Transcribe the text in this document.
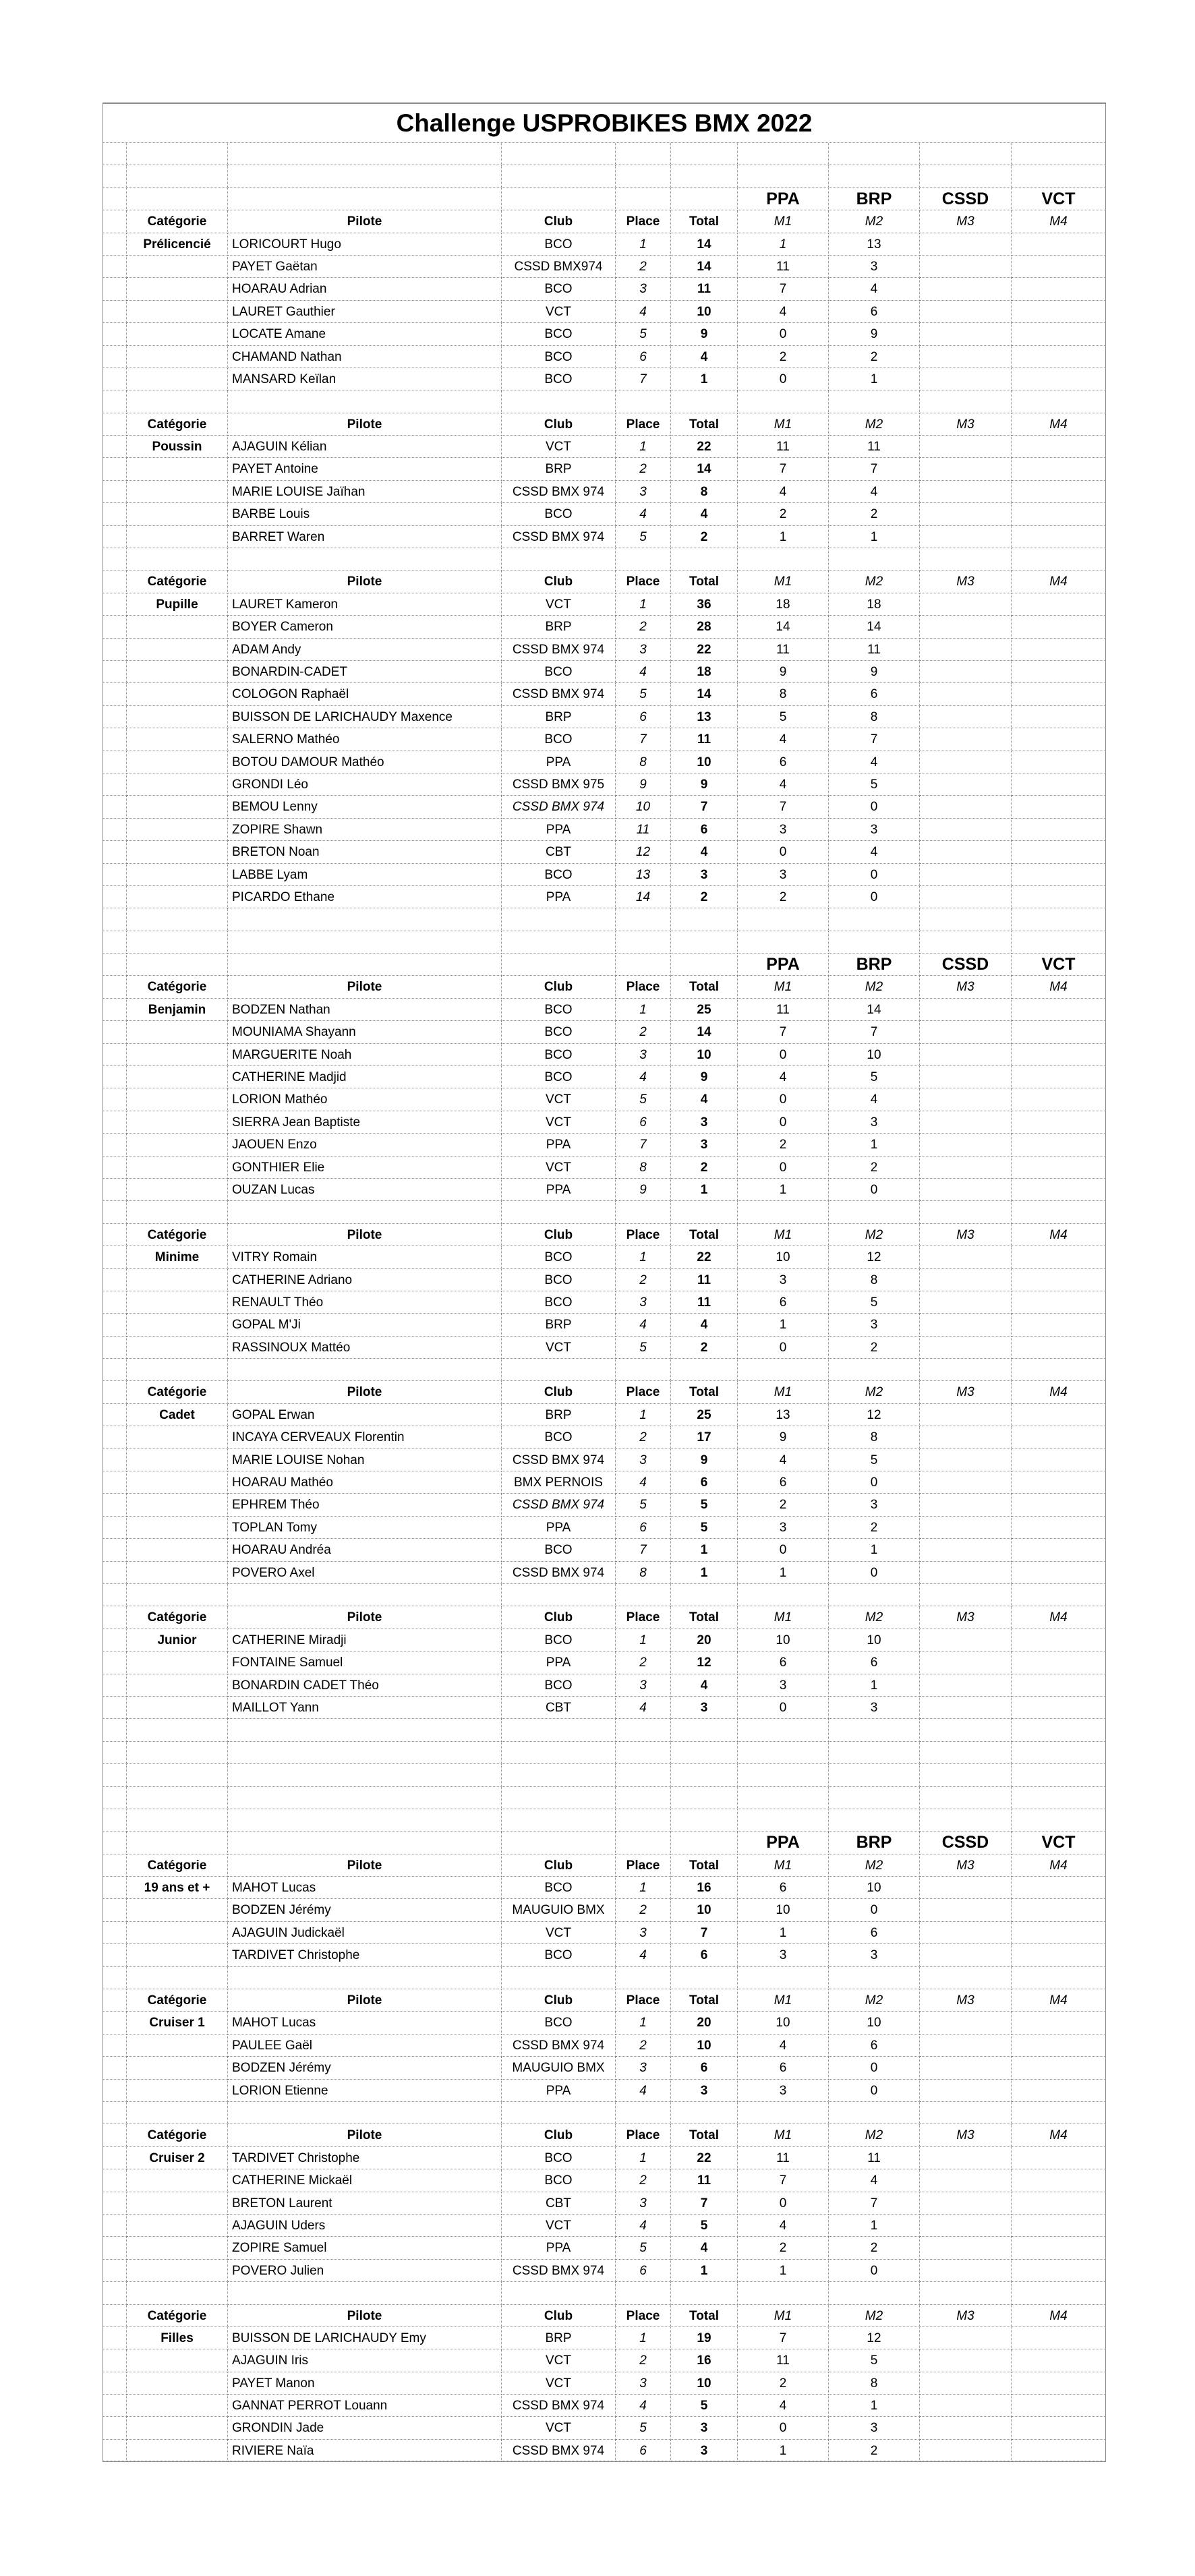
Challenge USPROBIKES BMX 2022
PPA	BRP	CSSD	VCT
Catégorie	Pilote	Club	Place	Total	M1	M2	M3	M4
Prélicencié	LORICOURT Hugo	BCO	1	14	1	13
PAYET Gaëtan	CSSD BMX974	2	14	11	3
HOARAU Adrian	BCO	3	11	7	4
LAURET Gauthier	VCT	4	10	4	6
LOCATE Amane	BCO	5	9	0	9
CHAMAND Nathan	BCO	6	4	2	2
MANSARD Keïlan	BCO	7	1	0	1
Catégorie	Pilote	Club	Place	Total	M1	M2	M3	M4
Poussin	AJAGUIN Kélian	VCT	1	22	11	11
PAYET Antoine	BRP	2	14	7	7
MARIE LOUISE Jaïhan	CSSD BMX 974	3	8	4	4
BARBE Louis	BCO	4	4	2	2
BARRET Waren	CSSD BMX 974	5	2	1	1
Catégorie	Pilote	Club	Place	Total	M1	M2	M3	M4
Pupille	LAURET Kameron	VCT	1	36	18	18
BOYER Cameron	BRP	2	28	14	14
ADAM Andy	CSSD BMX 974	3	22	11	11
BONARDIN-CADET	BCO	4	18	9	9
COLOGON Raphaël	CSSD BMX 974	5	14	8	6
BUISSON DE LARICHAUDY Maxence	BRP	6	13	5	8
SALERNO Mathéo	BCO	7	11	4	7
BOTOU DAMOUR Mathéo	PPA	8	10	6	4
GRONDI Léo	CSSD BMX 975	9	9	4	5
BEMOU Lenny	CSSD BMX 974	10	7	7	0
ZOPIRE Shawn	PPA	11	6	3	3
BRETON Noan	CBT	12	4	0	4
LABBE Lyam	BCO	13	3	3	0
PICARDO Ethane	PPA	14	2	2	0
PPA	BRP	CSSD	VCT
Catégorie	Pilote	Club	Place	Total	M1	M2	M3	M4
Benjamin	BODZEN Nathan	BCO	1	25	11	14
MOUNIAMA Shayann	BCO	2	14	7	7
MARGUERITE Noah	BCO	3	10	0	10
CATHERINE Madjid	BCO	4	9	4	5
LORION Mathéo	VCT	5	4	0	4
SIERRA Jean Baptiste	VCT	6	3	0	3
JAOUEN Enzo	PPA	7	3	2	1
GONTHIER Elie	VCT	8	2	0	2
OUZAN Lucas	PPA	9	1	1	0
Catégorie	Pilote	Club	Place	Total	M1	M2	M3	M4
Minime	VITRY Romain	BCO	1	22	10	12
CATHERINE Adriano	BCO	2	11	3	8
RENAULT Théo	BCO	3	11	6	5
GOPAL M'Ji	BRP	4	4	1	3
RASSINOUX Mattéo	VCT	5	2	0	2
Catégorie	Pilote	Club	Place	Total	M1	M2	M3	M4
Cadet	GOPAL Erwan	BRP	1	25	13	12
INCAYA CERVEAUX Florentin	BCO	2	17	9	8
MARIE LOUISE Nohan	CSSD BMX 974	3	9	4	5
HOARAU Mathéo	BMX PERNOIS	4	6	6	0
EPHREM Théo	CSSD BMX 974	5	5	2	3
TOPLAN Tomy	PPA	6	5	3	2
HOARAU Andréa	BCO	7	1	0	1
POVERO Axel	CSSD BMX 974	8	1	1	0
Catégorie	Pilote	Club	Place	Total	M1	M2	M3	M4
Junior	CATHERINE Miradji	BCO	1	20	10	10
FONTAINE Samuel	PPA	2	12	6	6
BONARDIN CADET Théo	BCO	3	4	3	1
MAILLOT Yann	CBT	4	3	0	3
PPA	BRP	CSSD	VCT
Catégorie	Pilote	Club	Place	Total	M1	M2	M3	M4
19 ans et +	MAHOT Lucas	BCO	1	16	6	10
BODZEN Jérémy	MAUGUIO BMX	2	10	10	0
AJAGUIN Judickaël	VCT	3	7	1	6
TARDIVET Christophe	BCO	4	6	3	3
Catégorie	Pilote	Club	Place	Total	M1	M2	M3	M4
Cruiser 1	MAHOT Lucas	BCO	1	20	10	10
PAULEE Gaël	CSSD BMX 974	2	10	4	6
BODZEN Jérémy	MAUGUIO BMX	3	6	6	0
LORION Etienne	PPA	4	3	3	0
Catégorie	Pilote	Club	Place	Total	M1	M2	M3	M4
Cruiser 2	TARDIVET Christophe	BCO	1	22	11	11
CATHERINE Mickaël	BCO	2	11	7	4
BRETON Laurent	CBT	3	7	0	7
AJAGUIN Uders	VCT	4	5	4	1
ZOPIRE Samuel	PPA	5	4	2	2
POVERO Julien	CSSD BMX 974	6	1	1	0
Catégorie	Pilote	Club	Place	Total	M1	M2	M3	M4
Filles	BUISSON DE LARICHAUDY Emy	BRP	1	19	7	12
AJAGUIN Iris	VCT	2	16	11	5
PAYET Manon	VCT	3	10	2	8
GANNAT PERROT Louann	CSSD BMX 974	4	5	4	1
GRONDIN Jade	VCT	5	3	0	3
RIVIERE Naïa	CSSD BMX 974	6	3	1	2
